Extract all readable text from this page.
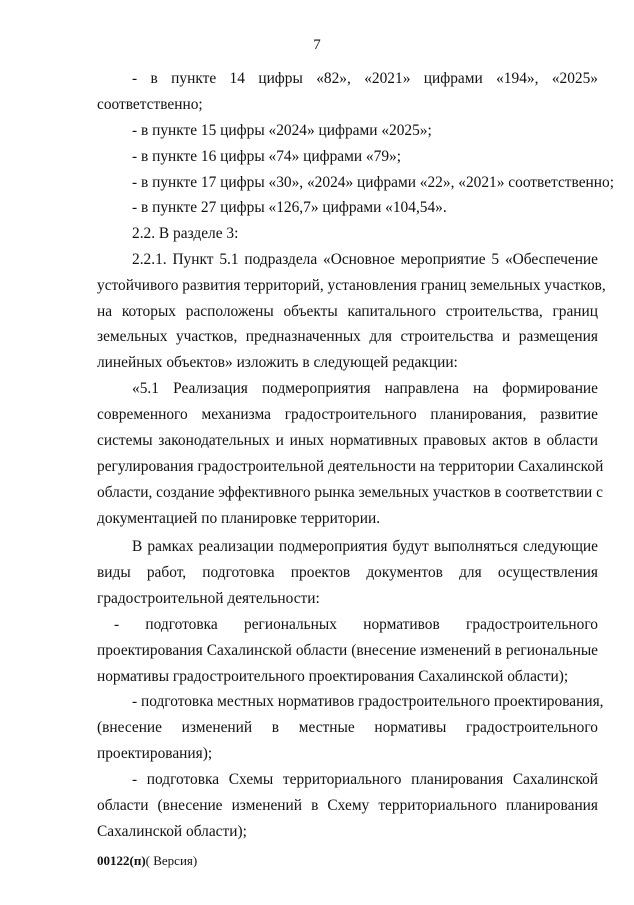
7
- в пункте 14 цифры «82», «2021» цифрами «194», «2025»
соответственно;
- в пункте 15 цифры «2024» цифрами «2025»;
- в пункте 16 цифры «74» цифрами «79»;
- в пункте 17 цифры «30», «2024» цифрами «22», «2021» соответственно;
- в пункте 27 цифры «126,7» цифрами «104,54».
2.2. В разделе 3:
2.2.1. Пункт 5.1 подраздела «Основное мероприятие 5 «Обеспечение
устойчивого развития территорий, установления границ земельных участков,
на которых расположены объекты капитального строительства, границ
земельных участков, предназначенных для строительства и размещения
линейных объектов» изложить в следующей редакции:
«5.1 Реализация подмероприятия направлена на формирование
современного механизма градостроительного планирования, развитие
системы законодательных и иных нормативных правовых актов в области
регулирования градостроительной деятельности на территории Сахалинской
области, создание эффективного рынка земельных участков в соответствии с
документацией по планировке территории.
В рамках реализации подмероприятия будут выполняться следующие
виды работ, подготовка проектов документов для осуществления
градостроительной деятельности:
- подготовка региональных нормативов градостроительного
проектирования Сахалинской области (внесение изменений в региональные
нормативы градостроительного проектирования Сахалинской области);
- подготовка местных нормативов градостроительного проектирования,
(внесение изменений в местные нормативы градостроительного
проектирования);
- подготовка Схемы территориального планирования Сахалинской
области (внесение изменений в Схему территориального планирования
Сахалинской области);
00122(п)( Версия)
